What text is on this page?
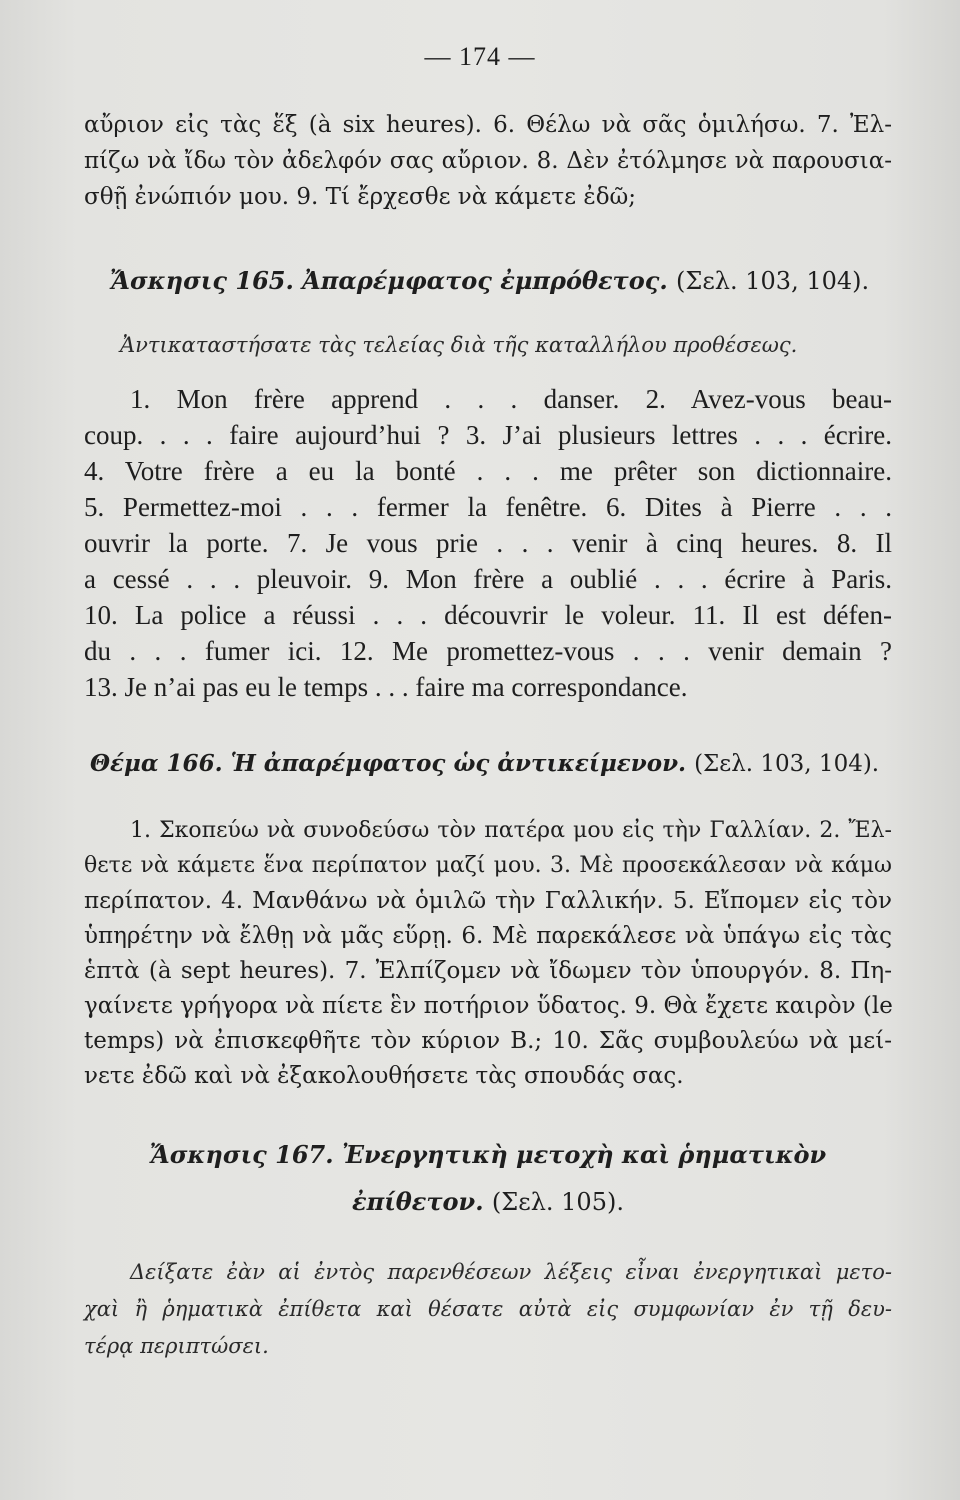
— 174 —
αὔριον εἰς τὰς ἕξ (à six heures). 6. Θέλω νὰ σᾶς ὁμιλήσω. 7. Ἐλ-
πίζω νὰ ἴδω τὸν ἀδελφόν σας αὔριον. 8. Δὲν ἐτόλμησε νὰ παρουσια-
σθῇ ἐνώπιόν μου. 9. Τί ἔρχεσθε νὰ κάμετε ἐδῶ;
Ἄσκησις 165. Ἀπαρέμφατος ἐμπρόθετος. (Σελ. 103, 104).
Ἀντικαταστήσατε τὰς τελείας διὰ τῆς καταλλήλου προθέσεως.
1. Mon frère apprend . . . danser. 2. Avez-vous beau-
coup. . . . faire aujourd’hui ? 3. J’ai plusieurs lettres . . . écrire.
4. Votre frère a eu la bonté . . . me prêter son dictionnaire.
5. Permettez-moi . . . fermer la fenêtre. 6. Dites à Pierre . . .
ouvrir la porte. 7. Je vous prie . . . venir à cinq heures. 8. Il
a cessé . . . pleuvoir. 9. Mon frère a oublié . . . écrire à Paris.
10. La police a réussi . . . découvrir le voleur. 11. Il est défen-
du . . . fumer ici. 12. Me promettez-vous . . . venir demain ?
13. Je n’ai pas eu le temps . . . faire ma correspondance.
Θέμα 166. Ἡ ἀπαρέμφατος ὡς ἀντικείμενον. (Σελ. 103, 104).
1. Σκοπεύω νὰ συνοδεύσω τὸν πατέρα μου εἰς τὴν Γαλλίαν. 2. Ἔλ-
θετε νὰ κάμετε ἕνα περίπατον μαζί μου. 3. Μὲ προσεκάλεσαν νὰ κάμω
περίπατον. 4. Μανθάνω νὰ ὁμιλῶ τὴν Γαλλικήν. 5. Εἴπομεν εἰς τὸν
ὑπηρέτην νὰ ἔλθῃ νὰ μᾶς εὕρῃ. 6. Μὲ παρεκάλεσε νὰ ὑπάγω εἰς τὰς
ἑπτὰ (à sept heures). 7. Ἐλπίζομεν νὰ ἴδωμεν τὸν ὑπουργόν. 8. Πη-
γαίνετε γρήγορα νὰ πίετε ἓν ποτήριον ὕδατος. 9. Θὰ ἔχετε καιρὸν (le
temps) νὰ ἐπισκεφθῆτε τὸν κύριον Β.; 10. Σᾶς συμβουλεύω νὰ μεί-
νετε ἐδῶ καὶ νὰ ἐξακολουθήσετε τὰς σπουδάς σας.
Ἄσκησις 167. Ἐνεργητικὴ μετοχὴ καὶ ῥηματικὸν
ἐπίθετον. (Σελ. 105).
Δείξατε ἐὰν αἱ ἐντὸς παρενθέσεων λέξεις εἶναι ἐνεργητικαὶ μετο-
χαὶ ἢ ῥηματικὰ ἐπίθετα καὶ θέσατε αὐτὰ εἰς συμφωνίαν ἐν τῇ δευ-
τέρᾳ περιπτώσει.
